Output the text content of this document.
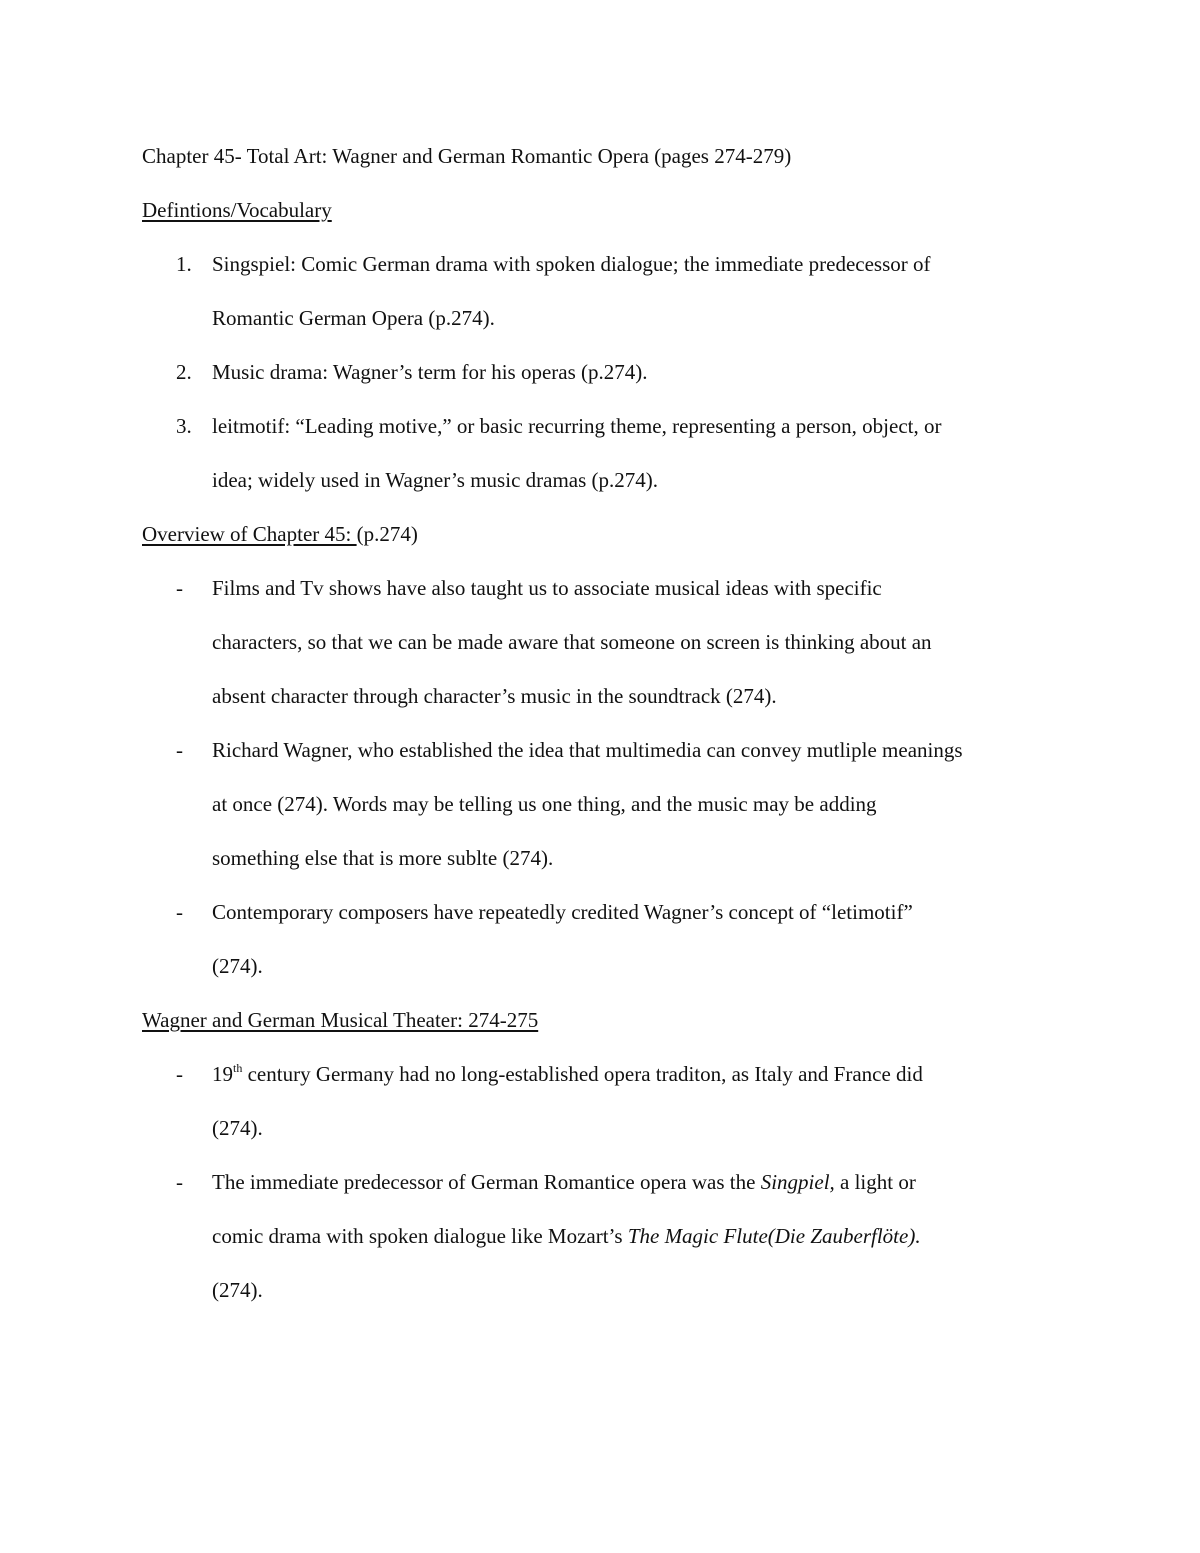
Chapter 45- Total Art: Wagner and German Romantic Opera (pages 274-279)
Defintions/Vocabulary
1. Singspiel: Comic German drama with spoken dialogue; the immediate predecessor of
Romantic German Opera (p.274).
2. Music drama: Wagner’s term for his operas (p.274).
3. leitmotif: “Leading motive,” or basic recurring theme, representing a person, object, or
idea; widely used in Wagner’s music dramas (p.274).
Overview of Chapter 45: (p.274)
- Films and Tv shows have also taught us to associate musical ideas with specific
characters, so that we can be made aware that someone on screen is thinking about an
absent character through character’s music in the soundtrack (274).
- Richard Wagner, who established the idea that multimedia can convey mutliple meanings
at once (274). Words may be telling us one thing, and the music may be adding
something else that is more sublte (274).
- Contemporary composers have repeatedly credited Wagner’s concept of “letimotif”
(274).
Wagner and German Musical Theater: 274-275
- 19th century Germany had no long-established opera traditon, as Italy and France did
(274).
- The immediate predecessor of German Romantice opera was the Singpiel, a light or
comic drama with spoken dialogue like Mozart’s The Magic Flute(Die Zauberflöte).
(274).
